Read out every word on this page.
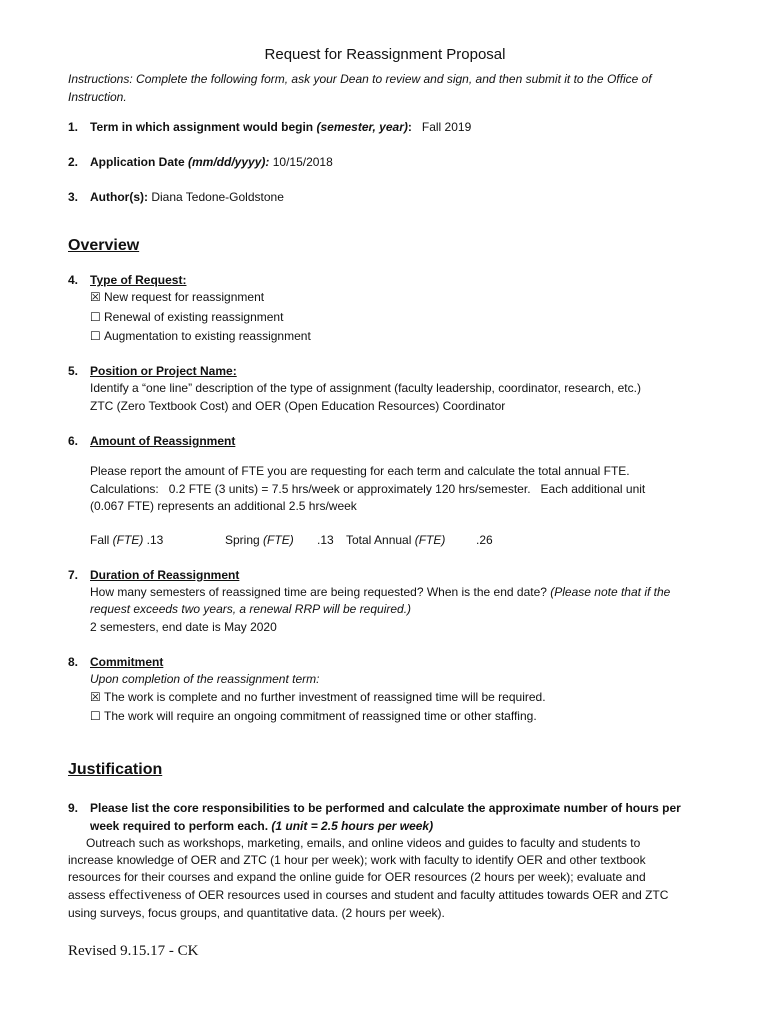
Request for Reassignment Proposal
Instructions: Complete the following form, ask your Dean to review and sign, and then submit it to the Office of
Instruction.
1. Term in which assignment would begin (semester, year): Fall 2019
2. Application Date (mm/dd/yyyy): 10/15/2018
3. Author(s): Diana Tedone-Goldstone
Overview
4. Type of Request:
☒ New request for reassignment
☐ Renewal of existing reassignment
☐ Augmentation to existing reassignment
5. Position or Project Name:
Identify a “one line” description of the type of assignment (faculty leadership, coordinator, research, etc.)
ZTC (Zero Textbook Cost) and OER (Open Education Resources) Coordinator
6. Amount of Reassignment
Please report the amount of FTE you are requesting for each term and calculate the total annual FTE.
Calculations:   0.2 FTE (3 units) = 7.5 hrs/week or approximately 120 hrs/semester.   Each additional unit
(0.067 FTE) represents an additional 2.5 hrs/week
Fall (FTE) .13	Spring (FTE) .13 Total Annual (FTE)	.26
7. Duration of Reassignment
How many semesters of reassigned time are being requested? When is the end date? (Please note that if the
request exceeds two years, a renewal RRP will be required.)
2 semesters, end date is May 2020
8. Commitment
Upon completion of the reassignment term:
☒ The work is complete and no further investment of reassigned time will be required.
☐ The work will require an ongoing commitment of reassigned time or other staffing.
Justification
9. Please list the core responsibilities to be performed and calculate the approximate number of hours per
week required to perform each. (1 unit = 2.5 hours per week)
Outreach such as workshops, marketing, emails, and online videos and guides to faculty and students to
increase knowledge of OER and ZTC (1 hour per week); work with faculty to identify OER and other textbook
resources for their courses and expand the online guide for OER resources (2 hours per week); evaluate and
assess effectiveness of OER resources used in courses and student and faculty attitudes towards OER and ZTC
using surveys, focus groups, and quantitative data. (2 hours per week).
Revised 9.15.17 - CK
